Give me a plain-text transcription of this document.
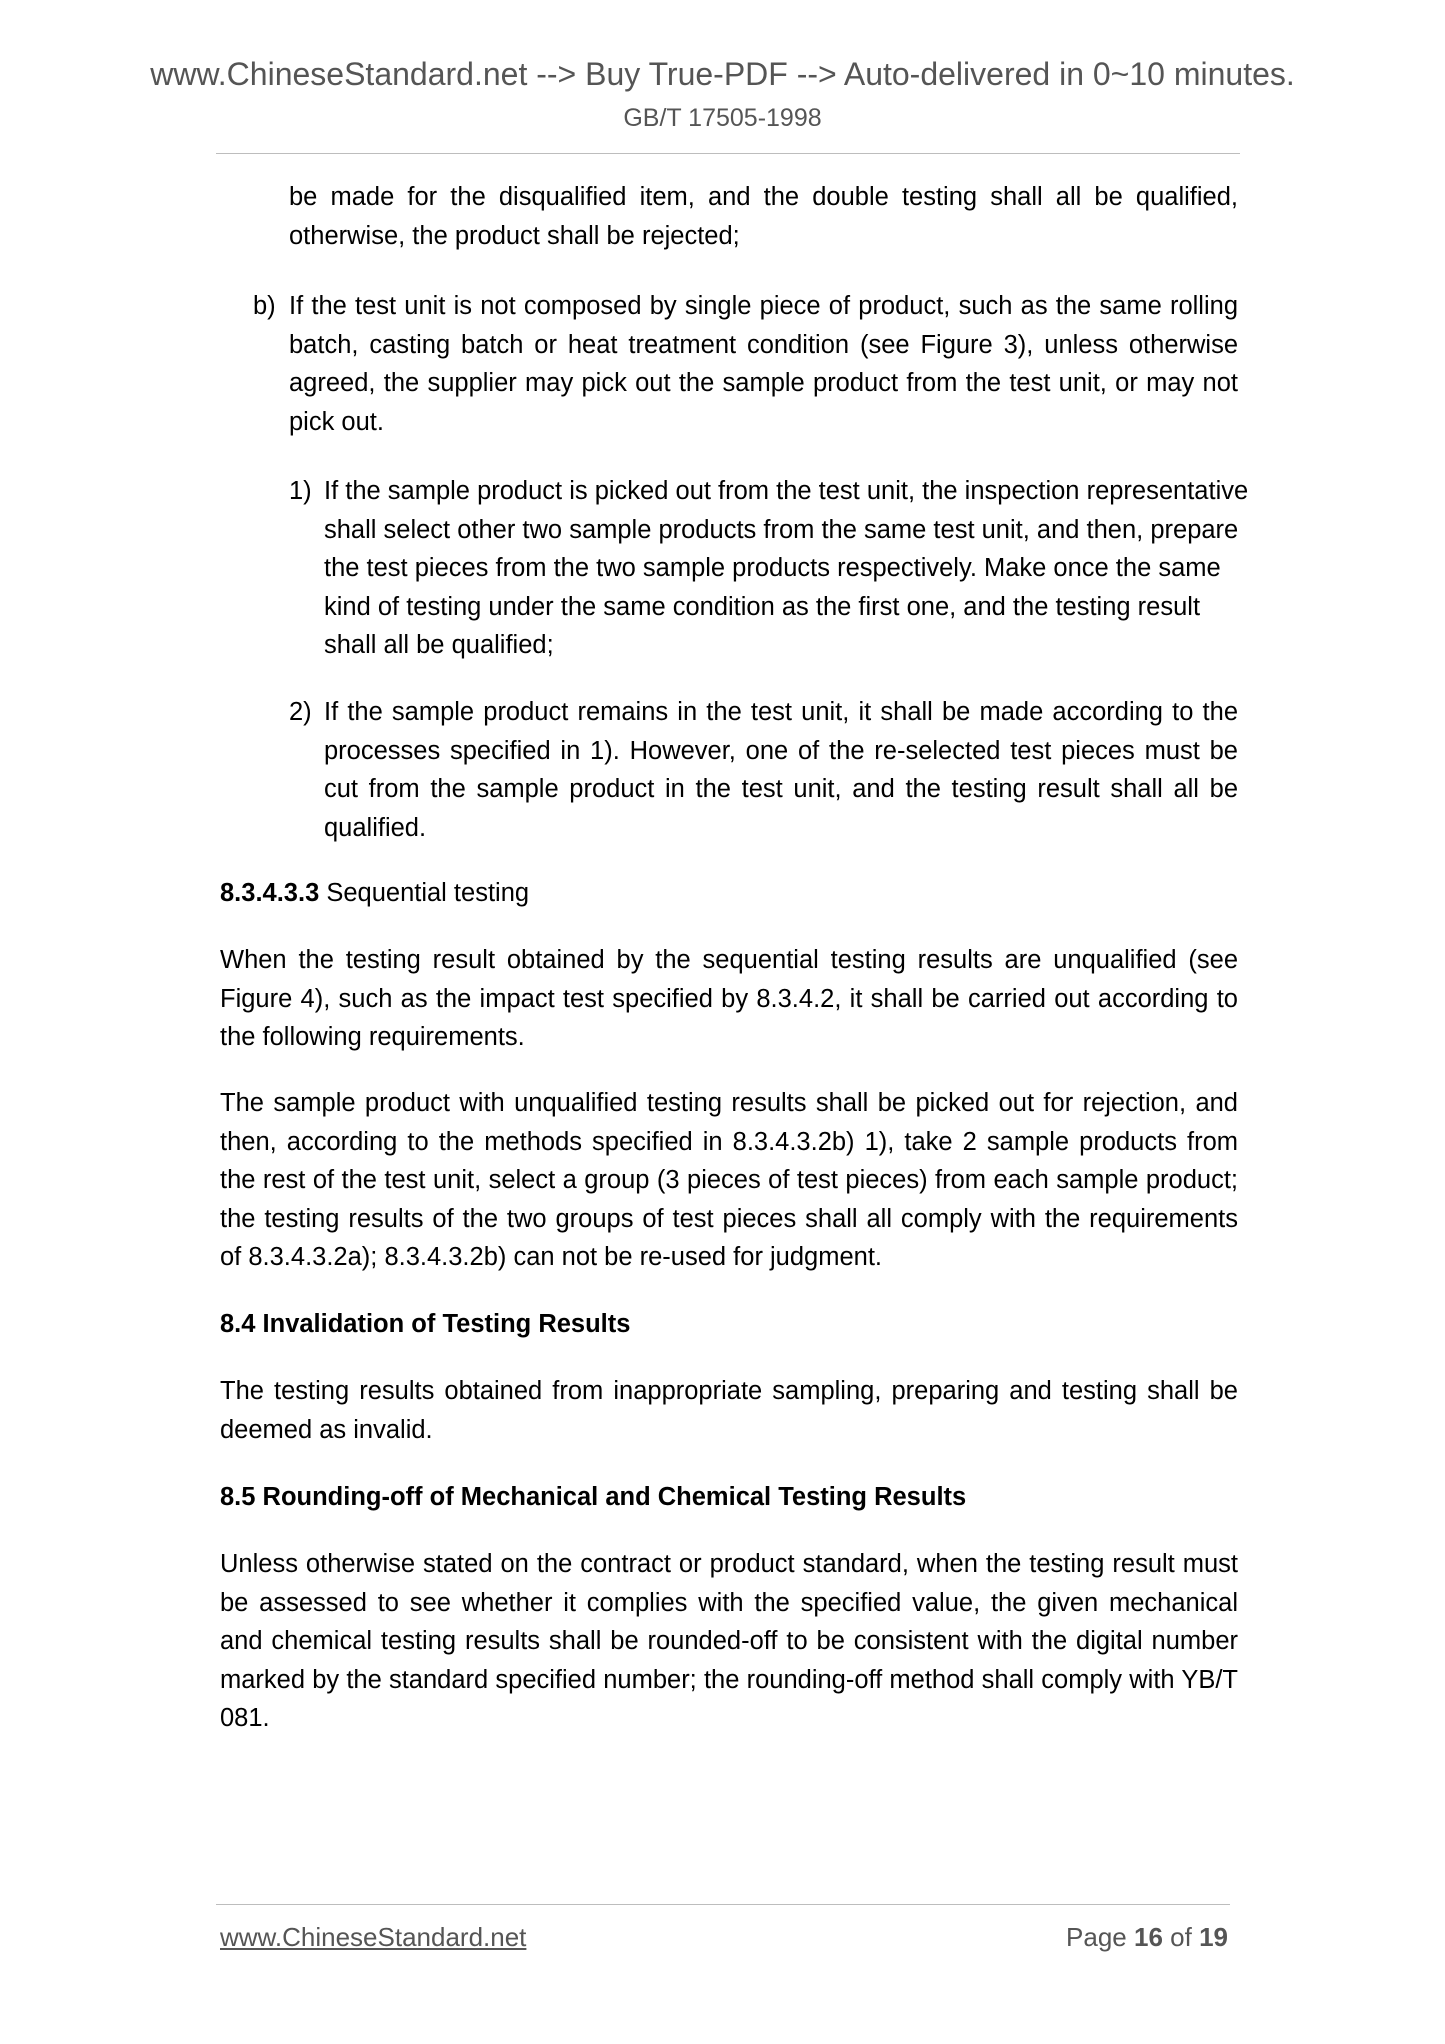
www.ChineseStandard.net --> Buy True-PDF --> Auto-delivered in 0~10 minutes.
GB/T 17505-1998

be made for the disqualified item, and the double testing shall all be qualified, otherwise, the product shall be rejected;

b) If the test unit is not composed by single piece of product, such as the same rolling batch, casting batch or heat treatment condition (see Figure 3), unless otherwise agreed, the supplier may pick out the sample product from the test unit, or may not pick out.

1) If the sample product is picked out from the test unit, the inspection representative shall select other two sample products from the same test unit, and then, prepare the test pieces from the two sample products respectively. Make once the same kind of testing under the same condition as the first one, and the testing result shall all be qualified;

2) If the sample product remains in the test unit, it shall be made according to the processes specified in 1). However, one of the re-selected test pieces must be cut from the sample product in the test unit, and the testing result shall all be qualified.

8.3.4.3.3 Sequential testing

When the testing result obtained by the sequential testing results are unqualified (see Figure 4), such as the impact test specified by 8.3.4.2, it shall be carried out according to the following requirements.

The sample product with unqualified testing results shall be picked out for rejection, and then, according to the methods specified in 8.3.4.3.2b) 1), take 2 sample products from the rest of the test unit, select a group (3 pieces of test pieces) from each sample product; the testing results of the two groups of test pieces shall all comply with the requirements of 8.3.4.3.2a); 8.3.4.3.2b) can not be re-used for judgment.

8.4 Invalidation of Testing Results

The testing results obtained from inappropriate sampling, preparing and testing shall be deemed as invalid.

8.5 Rounding-off of Mechanical and Chemical Testing Results

Unless otherwise stated on the contract or product standard, when the testing result must be assessed to see whether it complies with the specified value, the given mechanical and chemical testing results shall be rounded-off to be consistent with the digital number marked by the standard specified number; the rounding-off method shall comply with YB/T 081.

www.ChineseStandard.net	Page 16 of 19
